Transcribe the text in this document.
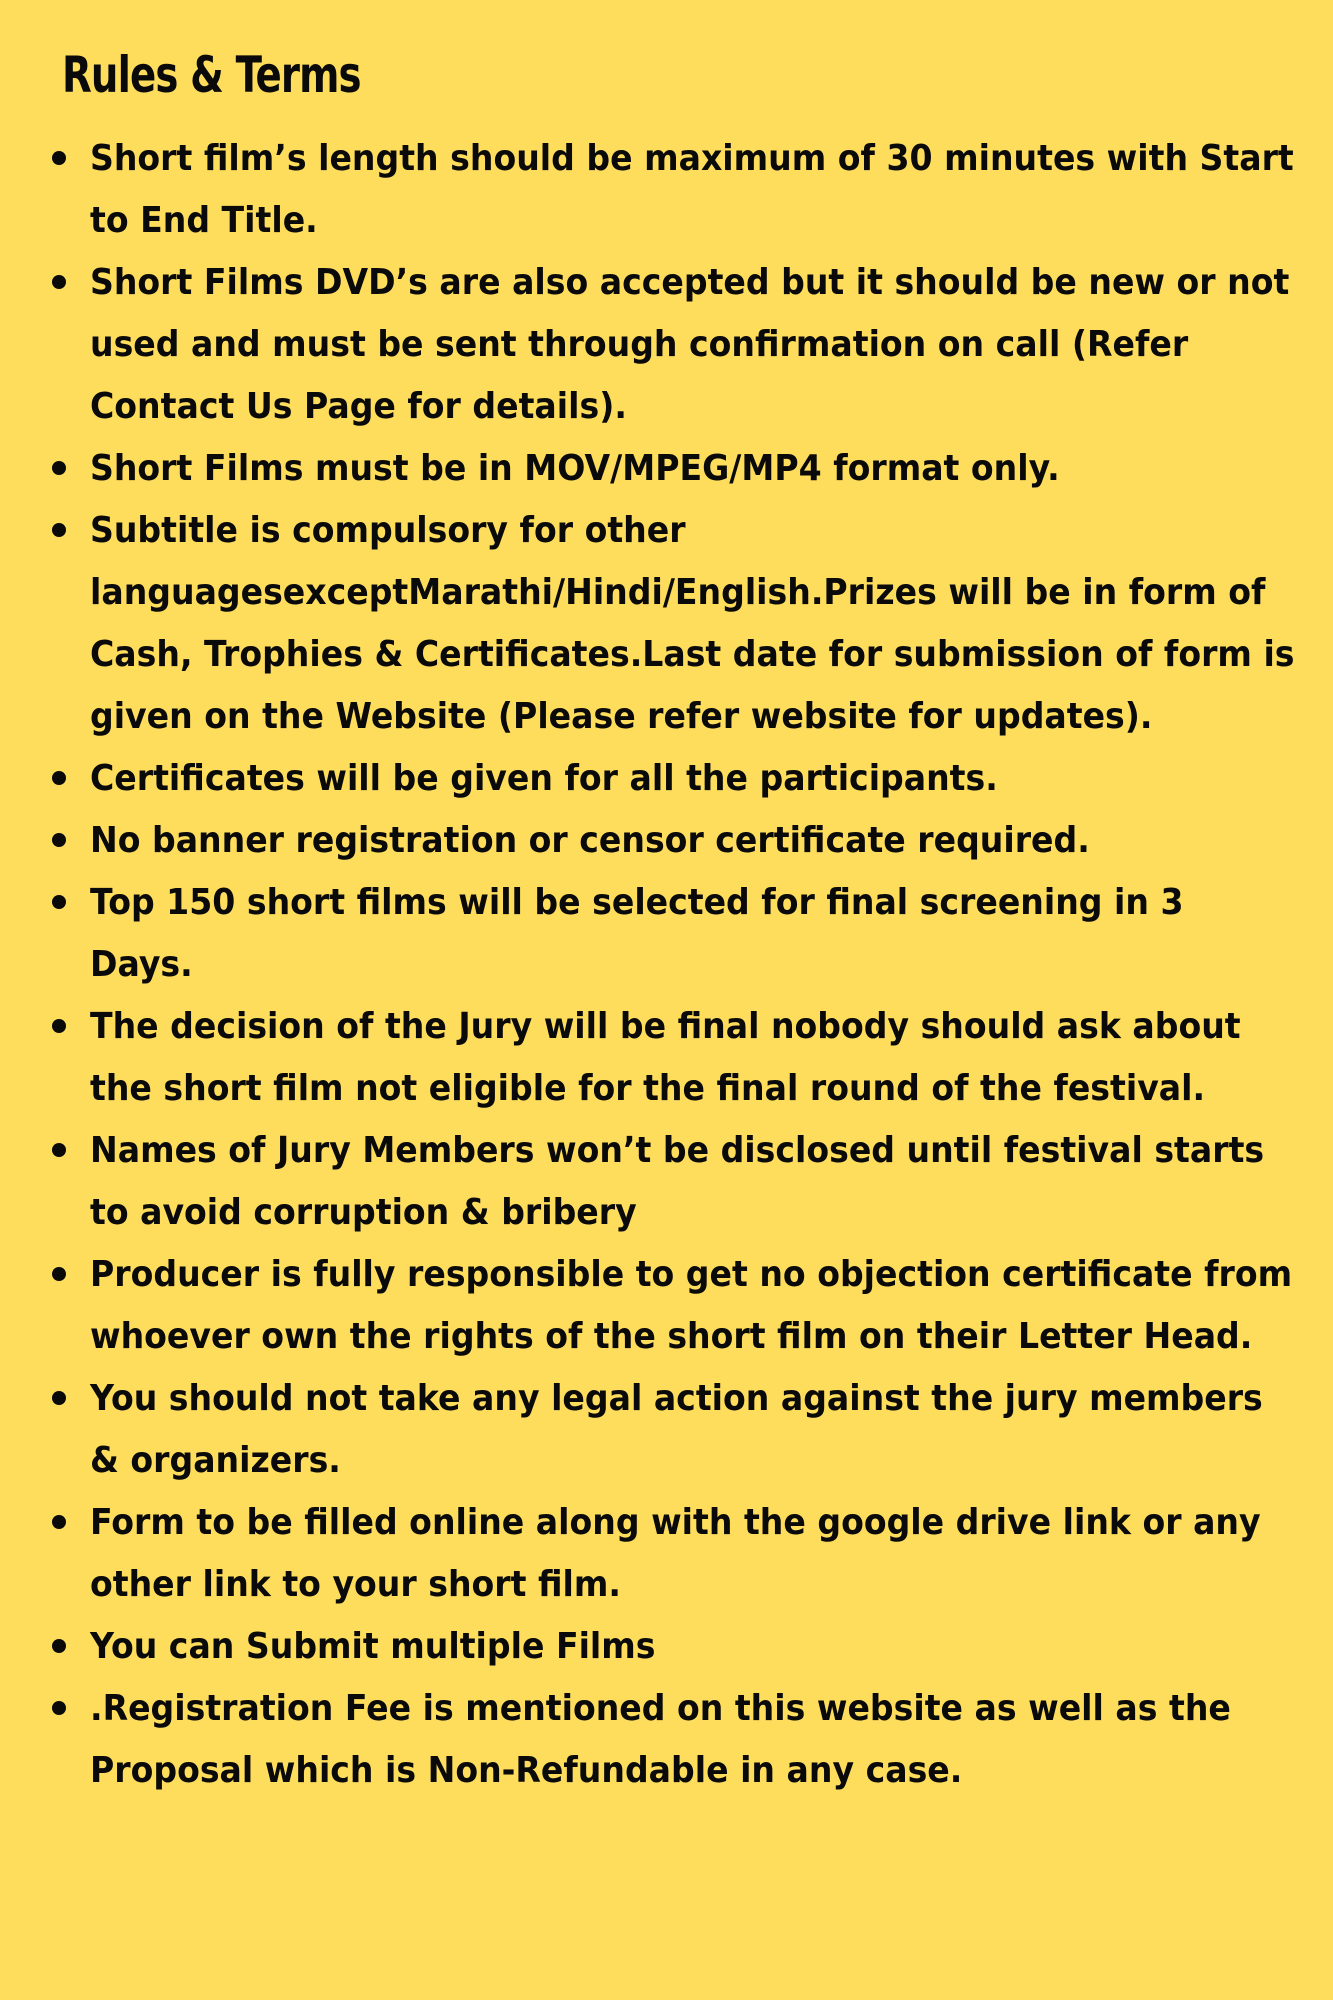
Rules & Terms
Short film’s length should be maximum of 30 minutes with Start to End Title.
Short Films DVD’s are also accepted but it should be new or not used and must be sent through confirmation on call (Refer Contact Us Page for details).
Short Films must be in MOV/MPEG/MP4 format only.
Subtitle is compulsory for other languagesexceptMarathi/Hindi/English.Prizes will be in form of Cash, Trophies & Certificates.Last date for submission of form is given on the Website (Please refer website for updates).
Certificates will be given for all the participants.
No banner registration or censor certificate required.
Top 150 short films will be selected for final screening in 3 Days.
The decision of the Jury will be final nobody should ask about the short film not eligible for the final round of the festival.
Names of Jury Members won’t be disclosed until festival starts to avoid corruption & bribery
Producer is fully responsible to get no objection certificate from whoever own the rights of the short film on their Letter Head.
You should not take any legal action against the jury members & organizers.
Form to be filled online along with the google drive link or any other link to your short film.
You can Submit multiple Films
.Registration Fee is mentioned on this website as well as the Proposal which is Non-Refundable in any case.
